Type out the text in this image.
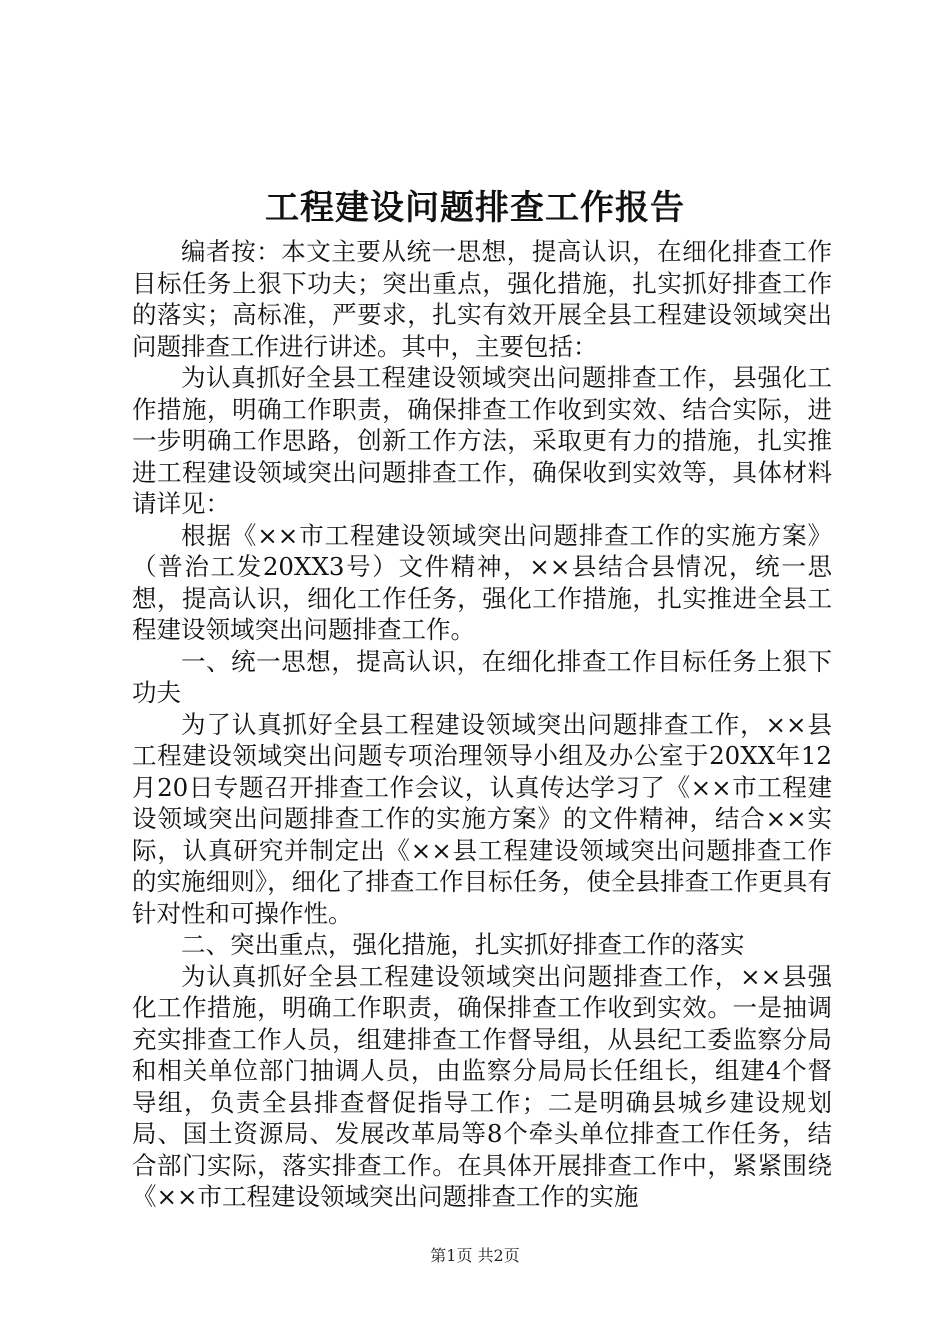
工程建设问题排查工作报告

编者按：本文主要从统一思想，提高认识，在细化排查工作目标任务上狠下功夫；突出重点，强化措施，扎实抓好排查工作的落实；高标准，严要求，扎实有效开展全县工程建设领域突出问题排查工作进行讲述。其中，主要包括：

为认真抓好全县工程建设领域突出问题排查工作，县强化工作措施，明确工作职责，确保排查工作收到实效、结合实际，进一步明确工作思路，创新工作方法，采取更有力的措施，扎实推进工程建设领域突出问题排查工作，确保收到实效等，具体材料请详见：

根据《××市工程建设领域突出问题排查工作的实施方案》（普治工发20XX3号）文件精神，××县结合县情况，统一思想，提高认识，细化工作任务，强化工作措施，扎实推进全县工程建设领域突出问题排查工作。

一、统一思想，提高认识，在细化排查工作目标任务上狠下功夫

为了认真抓好全县工程建设领域突出问题排查工作，××县工程建设领域突出问题专项治理领导小组及办公室于20XX年12月20日专题召开排查工作会议，认真传达学习了《××市工程建设领域突出问题排查工作的实施方案》的文件精神，结合××实际，认真研究并制定出《××县工程建设领域突出问题排查工作的实施细则》，细化了排查工作目标任务，使全县排查工作更具有针对性和可操作性。

二、突出重点，强化措施，扎实抓好排查工作的落实

为认真抓好全县工程建设领域突出问题排查工作，××县强化工作措施，明确工作职责，确保排查工作收到实效。一是抽调充实排查工作人员，组建排查工作督导组，从县纪工委监察分局和相关单位部门抽调人员，由监察分局局长任组长，组建4个督导组，负责全县排查督促指导工作；二是明确县城乡建设规划局、国土资源局、发展改革局等8个牵头单位排查工作任务，结合部门实际，落实排查工作。在具体开展排查工作中，紧紧围绕《××市工程建设领域突出问题排查工作的实施

第1页 共2页
